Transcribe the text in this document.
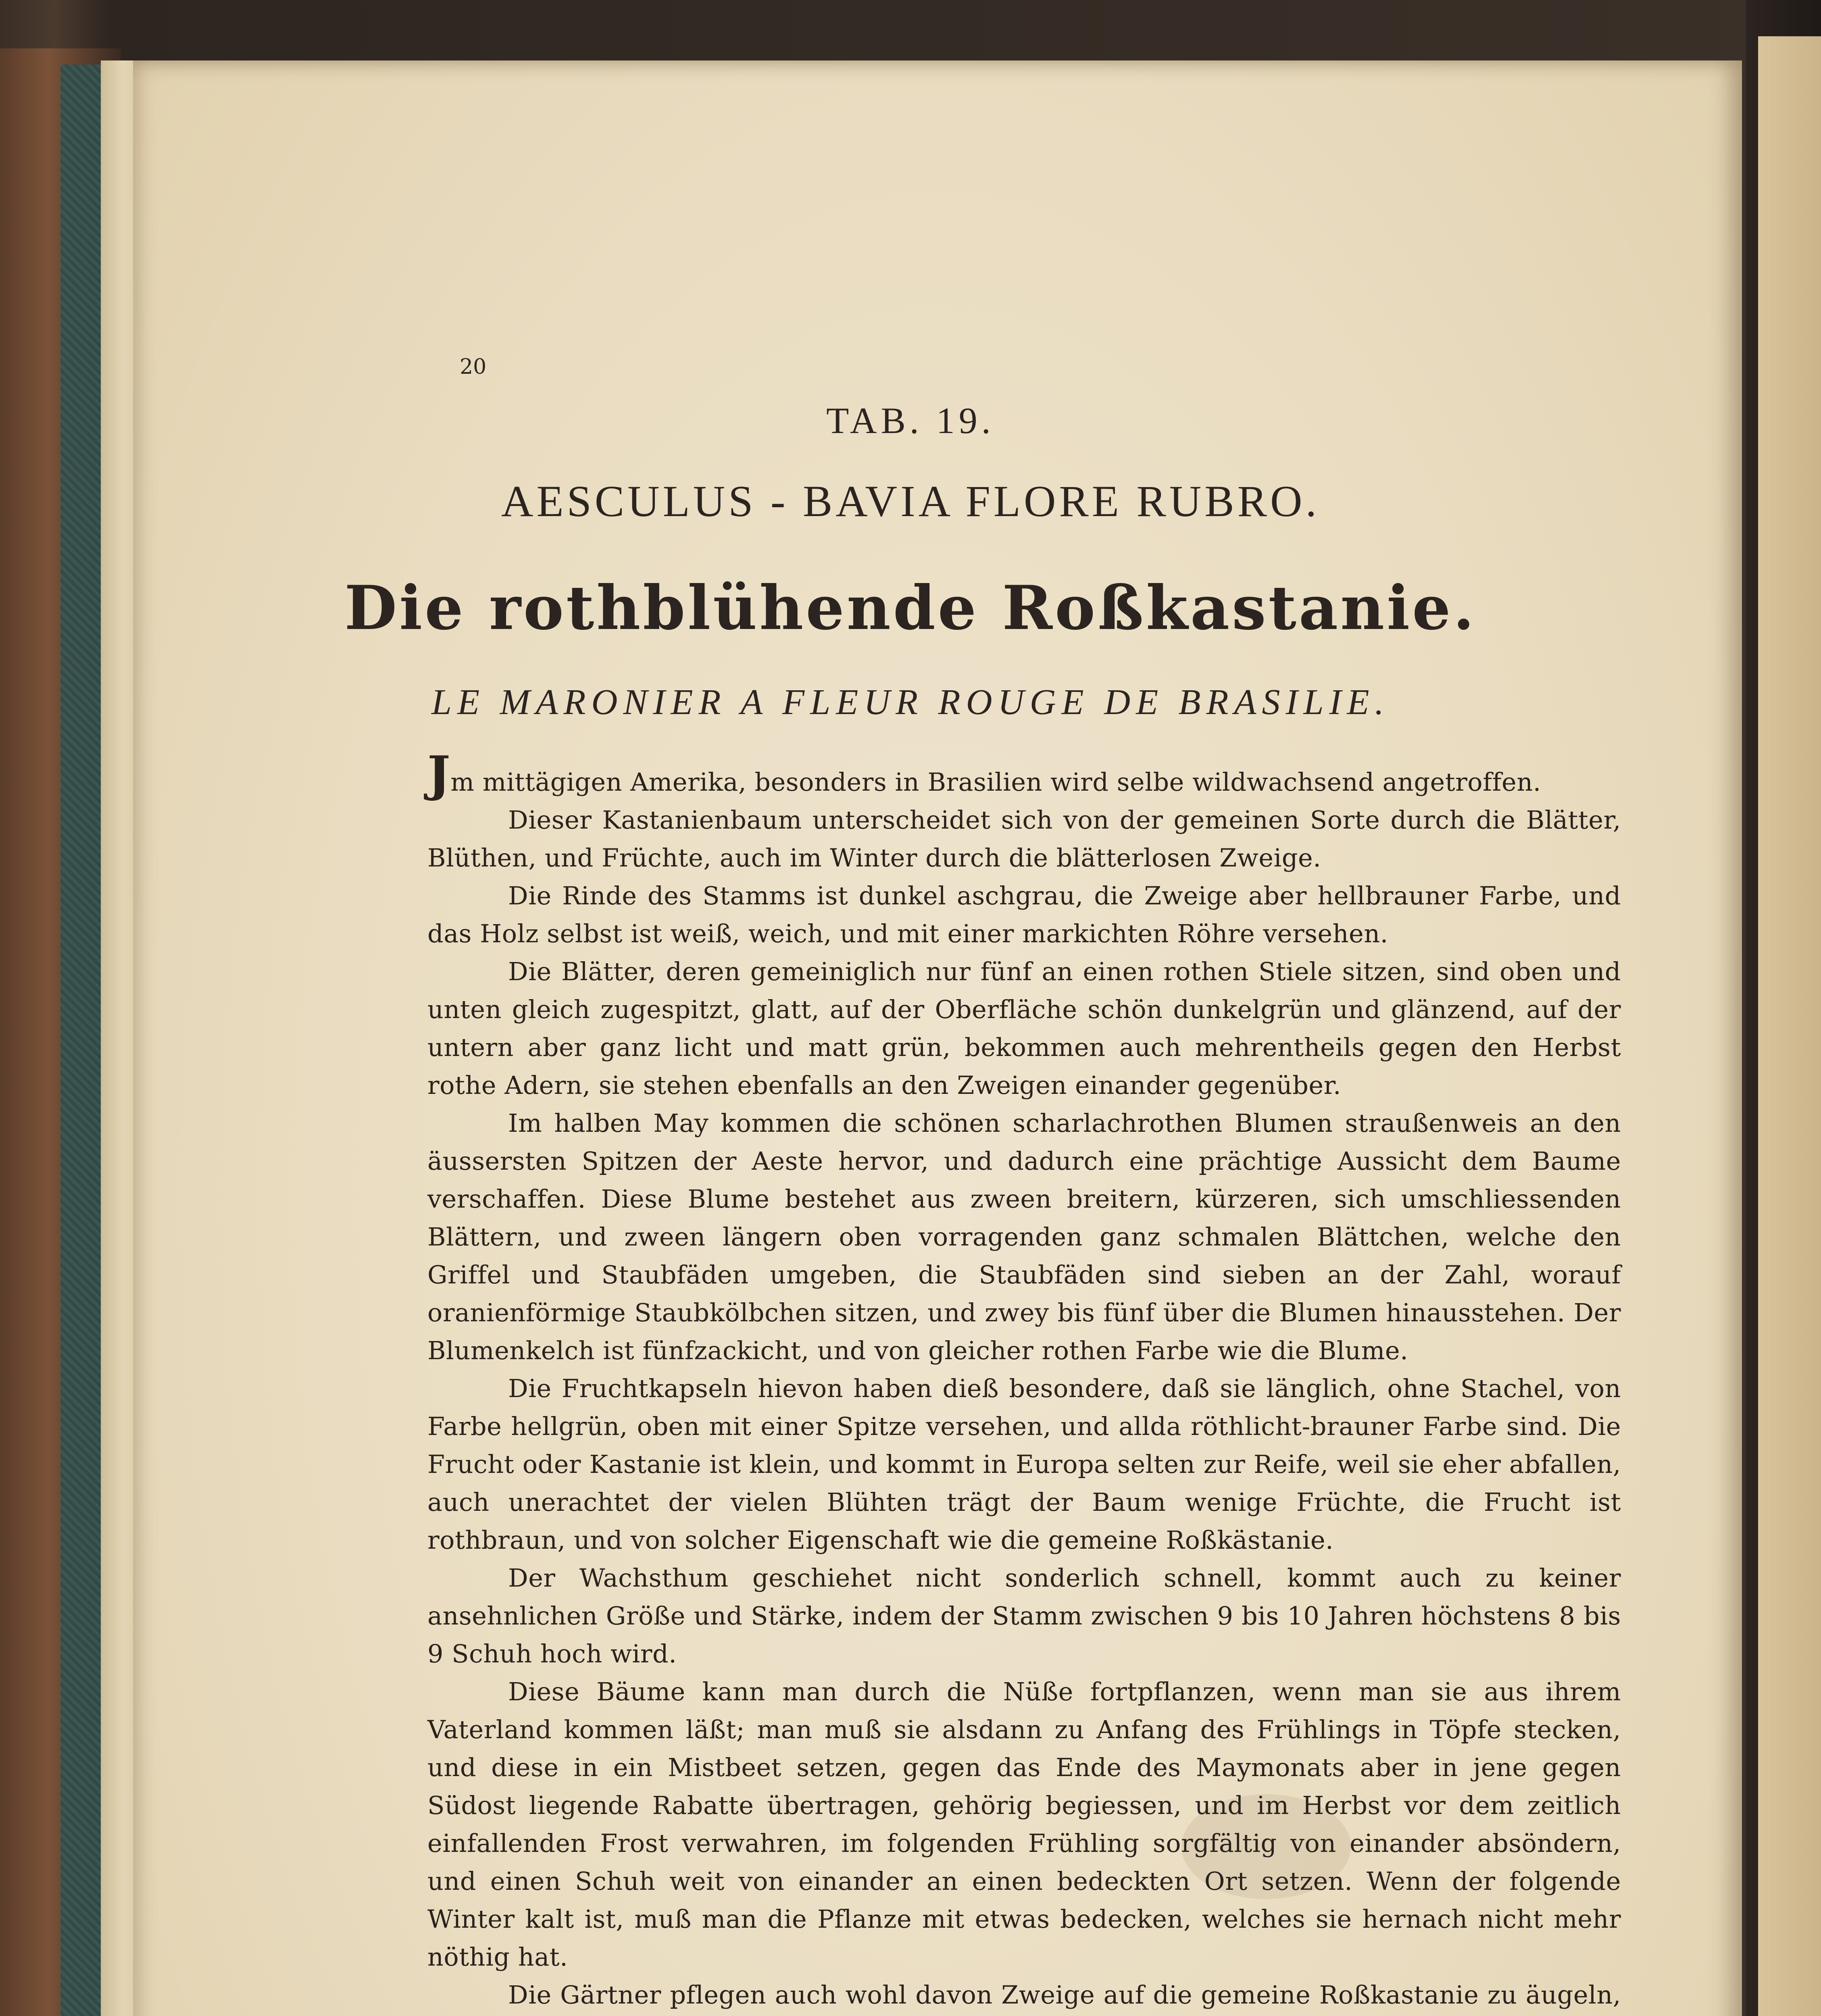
20
TAB. 19.
AESCULUS - BAVIA FLORE RUBRO.
Die rothblühende Roßkastanie.
LE MARONIER A FLEUR ROUGE DE BRASILIE.

Jm mittägigen Amerika, besonders in Brasilien wird selbe wildwachsend angetroffen.

Dieser Kastanienbaum unterscheidet sich von der gemeinen Sorte durch die Blätter, Blüthen, und Früchte, auch im Winter durch die blätterlosen Zweige.

Die Rinde des Stamms ist dunkel aschgrau, die Zweige aber hellbrauner Farbe, und das Holz selbst ist weiß, weich, und mit einer markichten Röhre versehen.

Die Blätter, deren gemeiniglich nur fünf an einen rothen Stiele sitzen, sind oben und unten gleich zugespitzt, glatt, auf der Oberfläche schön dunkelgrün und glänzend, auf der untern aber ganz licht und matt grün, bekommen auch mehrentheils gegen den Herbst rothe Adern, sie stehen ebenfalls an den Zweigen einander gegenüber.

Im halben May kommen die schönen scharlachrothen Blumen straußenweis an den äussersten Spitzen der Aeste hervor, und dadurch eine prächtige Aussicht dem Baume verschaffen. Diese Blume bestehet aus zween breitern, kürzeren, sich umschliessenden Blättern, und zween längern oben vorragenden ganz schmalen Blättchen, welche den Griffel und Staubfäden umgeben, die Staubfäden sind sieben an der Zahl, worauf oranienförmige Staubkölbchen sitzen, und zwey bis fünf über die Blumen hinausstehen. Der Blumenkelch ist fünfzackicht, und von gleicher rothen Farbe wie die Blume.

Die Fruchtkapseln hievon haben dieß besondere, daß sie länglich, ohne Stachel, von Farbe hellgrün, oben mit einer Spitze versehen, und allda röthlicht-brauner Farbe sind. Die Frucht oder Kastanie ist klein, und kommt in Europa selten zur Reife, weil sie eher abfallen, auch unerachtet der vielen Blühten trägt der Baum wenige Früchte, die Frucht ist rothbraun, und von solcher Eigenschaft wie die gemeine Roßkästanie.

Der Wachsthum geschiehet nicht sonderlich schnell, kommt auch zu keiner ansehnlichen Größe und Stärke, indem der Stamm zwischen 9 bis 10 Jahren höchstens 8 bis 9 Schuh hoch wird.

Diese Bäume kann man durch die Nüße fortpflanzen, wenn man sie aus ihrem Vaterland kommen läßt; man muß sie alsdann zu Anfang des Frühlings in Töpfe stecken, und diese in ein Mistbeet setzen, gegen das Ende des Maymonats aber in jene gegen Südost liegende Rabatte übertragen, gehörig begiessen, und im Herbst vor dem zeitlich einfallenden Frost verwahren, im folgenden Frühling sorgfältig von einander absöndern, und einen Schuh weit von einander an einen bedeckten Ort setzen. Wenn der folgende Winter kalt ist, muß man die Pflanze mit etwas bedecken, welches sie hernach nicht mehr nöthig hat.

Die Gärtner pflegen auch wohl davon Zweige auf die gemeine Roßkastanie zu äugeln,
